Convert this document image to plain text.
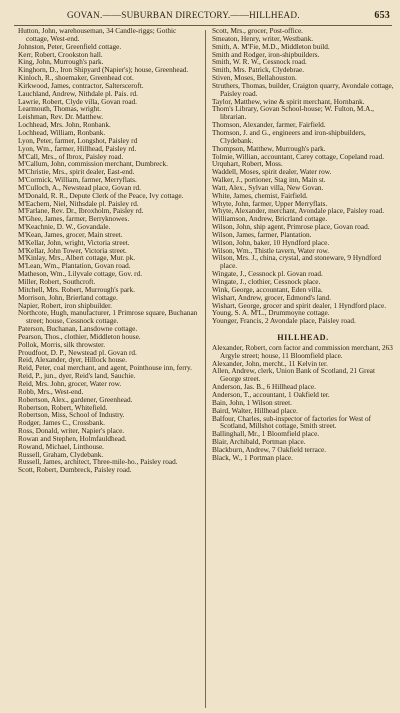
GOVAN.——SUBURBAN DIRECTORY.——HILLHEAD.	653

Hutton, John, warehouseman, 34 Candle-riggs; Gothic cottage, West-end.

Johnston, Peter, Greenfield cottage.

Kerr, Robert, Crookston hall.

King, John, Murrough's park.

Kinghorn, D., Iron Shipyard (Napier's); house, Greenhead.

Kinloch, R., shoemaker, Greenhead cot.

Kirkwood, James, contractor, Saltersceroft.

Lauchland, Andrew, Nithdale pl. Pais. rd.

Lawrie, Robert, Clyde villa, Govan road.

Learmouth, Thomas, wright.

Leishman, Rev. Dr. Matthew.

Lochhead, Mrs. John, Ronbank.

Lochhead, William, Ronbank.

Lyon, Peter, farmer, Longshot, Paisley rd

Lyon, Wm., farmer, Hillhead, Paisley rd.

M'Call, Mrs., of Ibrox, Paisley road.

M'Callum, John, commission merchant, Dumbreck.

M'Christie, Mrs., spirit dealer, East-end.

M'Cormick, William, farmer, Merryflats.

M'Culloch, A., Newstead place, Govan rd.

M'Donald, R. R., Depute Clerk of the Peace, Ivy cottage.

M'Eachern, Niel, Nithsdale pl. Paisley rd.

M'Farlane, Rev. Dr., Ibroxholm, Paisley rd.

M'Ghee, James, farmer, Berryknowes.

M'Keachnie, D. W., Govandale.

M'Kean, James, grocer, Main street.

M'Kellar, John, wright, Victoria street.

M'Kellar, John Tower, Victoria street.

M'Kinlay, Mrs., Albert cottage, Mur. pk.

M'Lean, Wm., Plantation, Govan road.

Matheson, Wm., Lilyvale cottage, Gov. rd.

Miller, Robert, Southcroft.

Mitchell, Mrs. Robert, Murrough's park.

Morrison, John, Brierland cottage.

Napier, Robert, iron shipbuilder.

Northcote, Hugh, manufacturer, 1 Primrose square, Buchanan street; house, Cessnock cottage.

Paterson, Buchanan, Lansdowne cottage.

Pearson, Thos., clothier, Middleton house.

Pollok, Morris, silk throwster.

Proudfoot, D. P., Newstead pl. Govan rd.

Reid, Alexander, dyer, Hillock house.

Reid, Peter, coal merchant, and agent, Pointhouse inn, ferry.

Reid, P., jun., dyer, Reid's land, Sauchie.

Reid, Mrs. John, grocer, Water row.

Robb, Mrs., West-end.

Robertson, Alex., gardener, Greenhead.

Robertson, Robert, Whitefield.

Robertson, Miss, School of Industry.

Rodger, James C., Crossbank.

Ross, Donald, writer, Napier's place.

Rowan and Stephen, Holmfauldhead.

Rowand, Michael, Linthouse.

Russell, Graham, Clydebank.

Russell, James, architect, Three-mile-ho., Paisley road.

Scott, Robert, Dumbreck, Paisley road.

Scott, Mrs., grocer, Post-office.

Smeaton, Henry, writer, Westbank.

Smith, A. M'Fie, M.D., Middleton build.

Smith and Rodger, iron-shipbuilders.

Smith, W. R. W., Cessnock road.

Smith, Mrs. Patrick, Clydebrae.

Stiven, Moses, Bellahouston.

Struthers, Thomas, builder, Craigton quarry, Avondale cottage, Paisley road.

Taylor, Matthew, wine & spirit merchant, Hornbank.

Thom's Library, Govan School-house; W. Fulton, M.A., librarian.

Thomson, Alexander, farmer, Fairfield.

Thomson, J. and G., engineers and iron-shipbuilders, Clydebank.

Thompson, Matthew, Murrough's park.

Tolmie, Willian, accountant, Carey cottage, Copeland road.

Urquhart, Robert, Moss.

Waddell, Moses, spirit dealer, Water row.

Walker, J., portioner, Stag inn, Main st.

Watt, Alex., Sylvan villa, New Govan.

White, James, chemist, Fairfield.

Whyte, John, farmer, Upper Merryflats.

Whyte, Alexander, merchant, Avondale place, Paisley road.

Williamson, Andrew, Bricrland cottage.

Wilson, John, ship agent, Primrose place, Govan road.

Wilson, James, farmer, Plantation.

Wilson, John, baker, 10 Hyndford place.

Wilson, Wm., Thistle tavern, Water row.

Wilson, Mrs. J., china, crystal, and stoneware, 9 Hyndford place.

Wingate, J., Cessnock pl. Govan road.

Wingate, J., clothier, Cessnock place.

Wink, George, accountant, Eden villa.

Wishart, Andrew, grocer, Edmond's land.

Wishart, George, grocer and spirit dealer, 1 Hyndford place.

Young, S. A. M'L., Drummoyne cottage.

Younger, Francis, 2 Avondale place, Paisley road.

HILLHEAD.

Alexander, Robert, corn factor and commission merchant, 263 Argyle street; house, 11 Bloomfield place.

Alexander, John, mercht., 11 Kelvin ter.

Allen, Andrew, clerk, Union Bank of Scotland, 21 Great George street.

Anderson, Jas. B., 6 Hillhead place.

Anderson, T., accountant, 1 Oakfield ter.

Bain, John, 1 Wilson street.

Baird, Walter, Hillhead place.

Balfour, Charles, sub-inspector of factories for West of Scotland, Millshot cottage, Smith street.

Ballinghall, Mr., 1 Bloomfield place.

Blair, Archibald, Portman place.

Blackburn, Andrew, 7 Oakfield terrace.

Black, W., 1 Portman place.
